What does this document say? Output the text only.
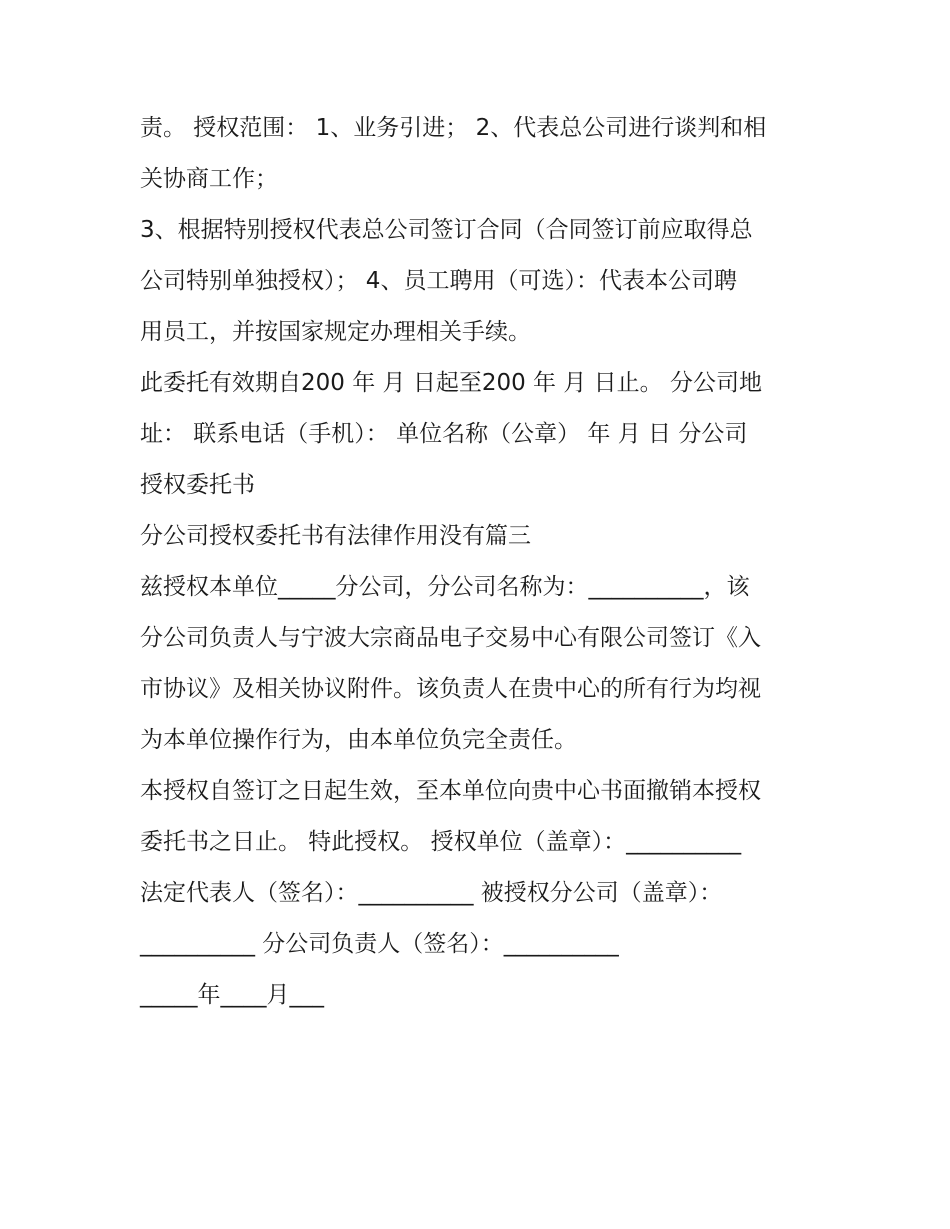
责。 授权范围： 1、业务引进； 2、代表总公司进行谈判和相

关协商工作；

3、根据特别授权代表总公司签订合同（合同签订前应取得总

公司特别单独授权）； 4、员工聘用（可选）：代表本公司聘

用员工，并按国家规定办理相关手续。

此委托有效期自200 年 月 日起至200 年 月 日止。 分公司地

址： 联系电话（手机）： 单位名称（公章） 年 月 日 分公司

授权委托书

分公司授权委托书有法律作用没有篇三

兹授权本单位_____分公司，分公司名称为：__________，该

分公司负责人与宁波大宗商品电子交易中心有限公司签订《入

市协议》及相关协议附件。该负责人在贵中心的所有行为均视

为本单位操作行为，由本单位负完全责任。

本授权自签订之日起生效，至本单位向贵中心书面撤销本授权

委托书之日止。 特此授权。 授权单位（盖章）：__________

法定代表人（签名）：__________ 被授权分公司（盖章）：

__________ 分公司负责人（签名）：__________

_____年____月___
